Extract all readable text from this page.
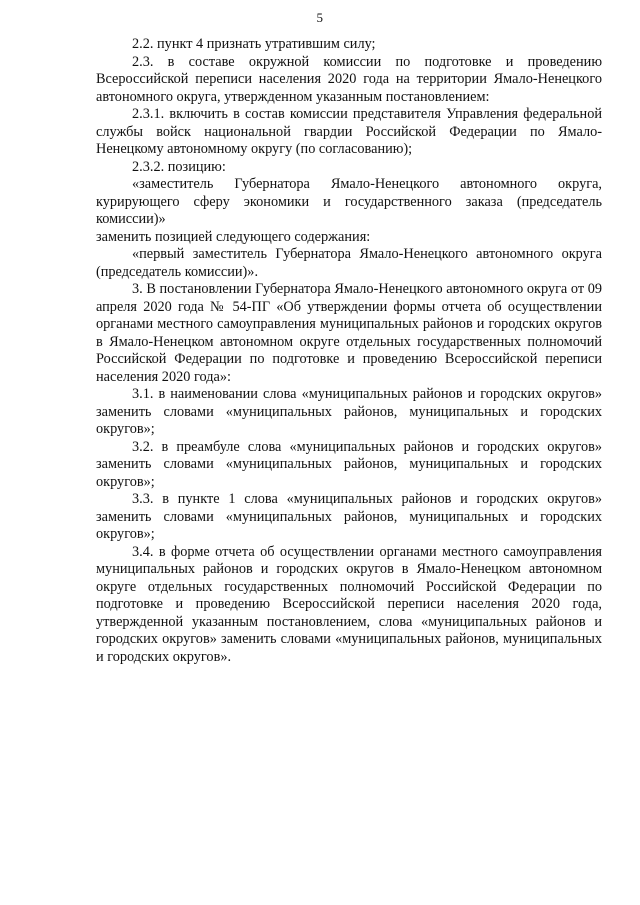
5

2.2. пункт 4 признать утратившим силу;

2.3. в составе окружной комиссии по подготовке и проведению Всероссийской переписи населения 2020 года на территории Ямало-Ненецкого автономного округа, утвержденном указанным постановлением:

2.3.1. включить в состав комиссии представителя Управления федеральной службы войск национальной гвардии Российской Федерации по Ямало-Ненецкому автономному округу (по согласованию);

2.3.2. позицию:

«заместитель Губернатора Ямало-Ненецкого автономного округа, курирующего сферу экономики и государственного заказа (председатель комиссии)»

заменить позицией следующего содержания:

«первый заместитель Губернатора Ямало-Ненецкого автономного округа (председатель комиссии)».

3. В постановлении Губернатора Ямало-Ненецкого автономного округа от 09 апреля 2020 года № 54-ПГ «Об утверждении формы отчета об осуществлении органами местного самоуправления муниципальных районов и городских округов в Ямало-Ненецком автономном округе отдельных государственных полномочий Российской Федерации по подготовке и проведению Всероссийской переписи населения 2020 года»:

3.1. в наименовании слова «муниципальных районов и городских округов» заменить словами «муниципальных районов, муниципальных и городских округов»;

3.2. в преамбуле слова «муниципальных районов и городских округов» заменить словами «муниципальных районов, муниципальных и городских округов»;

3.3. в пункте 1 слова «муниципальных районов и городских округов» заменить словами «муниципальных районов, муниципальных и городских округов»;

3.4. в форме отчета об осуществлении органами местного самоуправления муниципальных районов и городских округов в Ямало-Ненецком автономном округе отдельных государственных полномочий Российской Федерации по подготовке и проведению Всероссийской переписи населения 2020 года, утвержденной указанным постановлением, слова «муниципальных районов и городских округов» заменить словами «муниципальных районов, муниципальных и городских округов».
